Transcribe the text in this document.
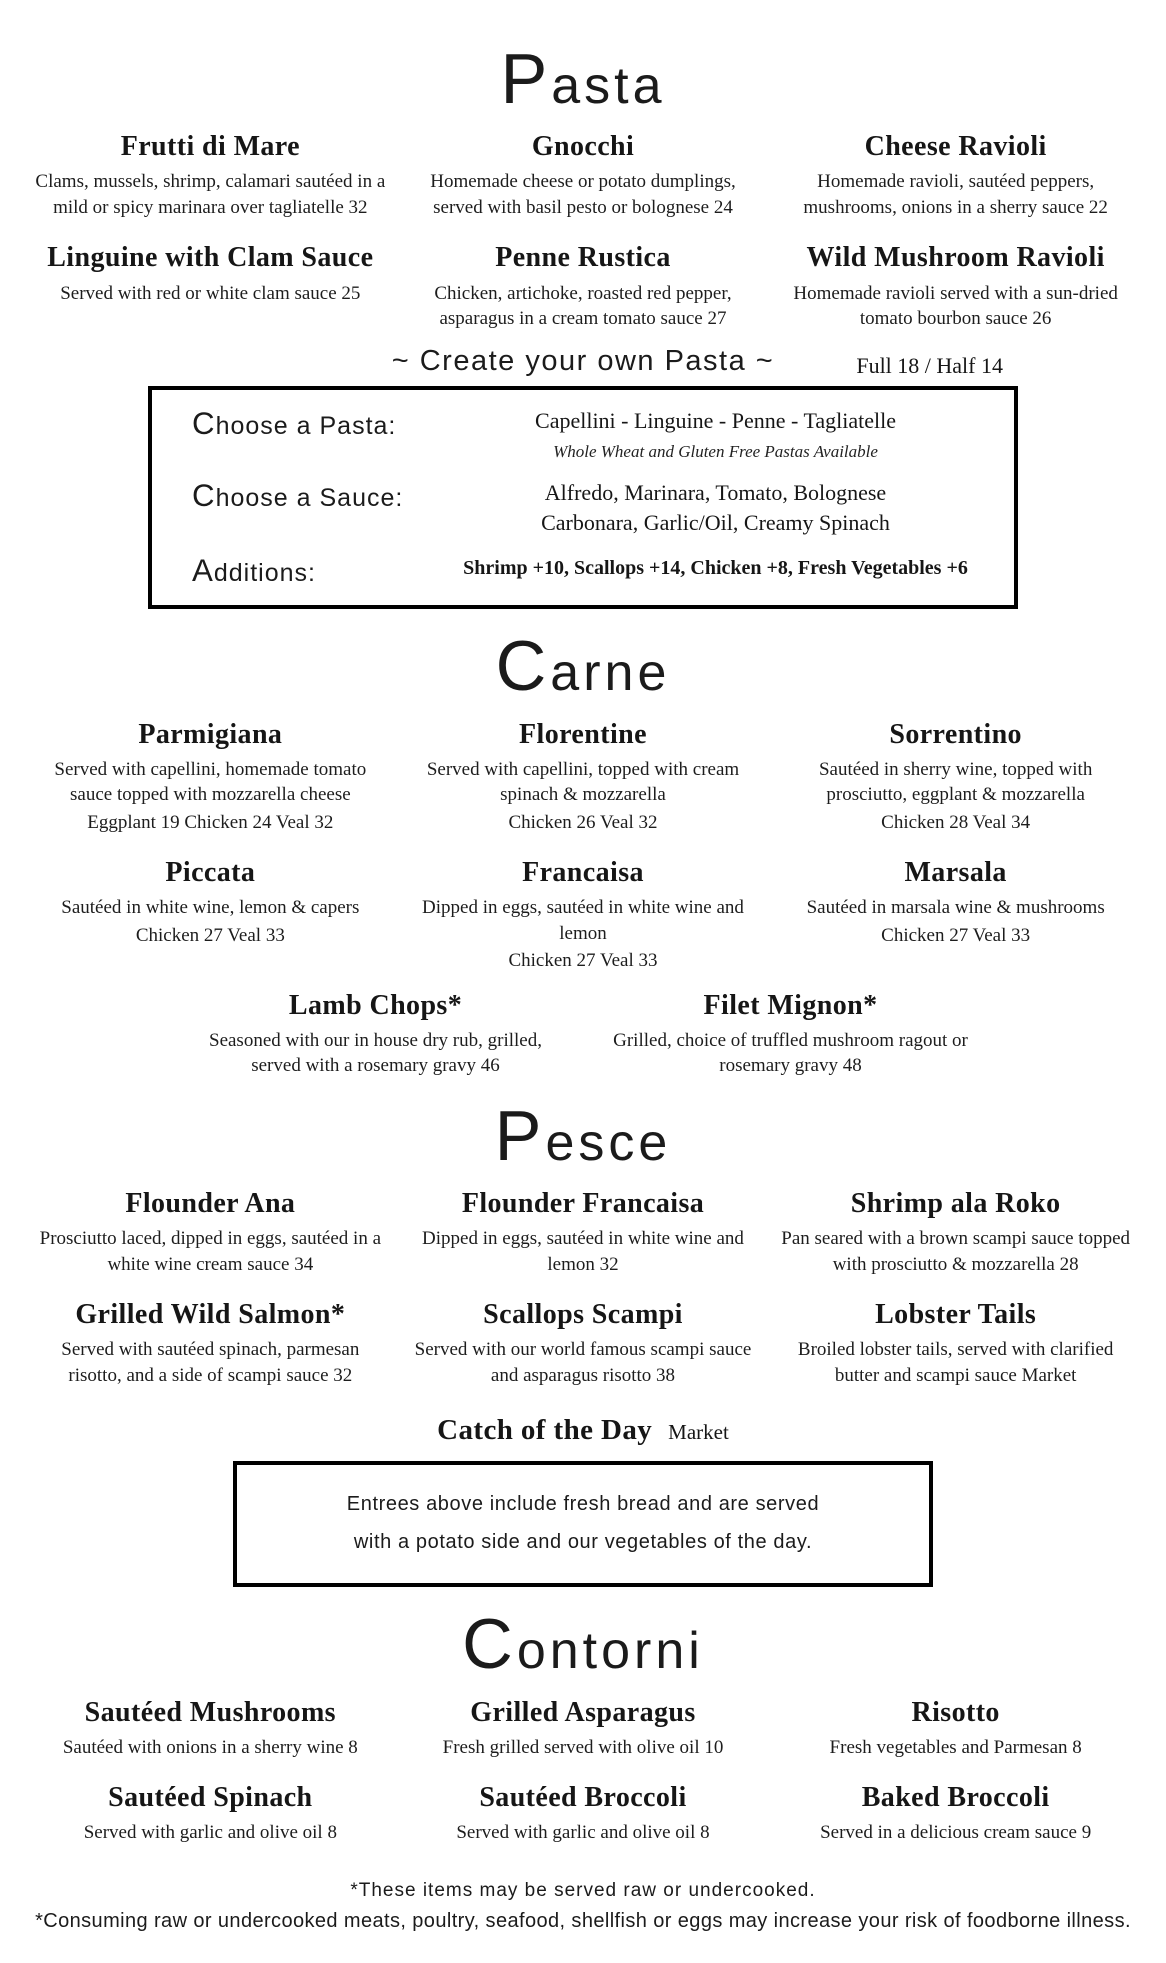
Pasta
Frutti di Mare

Clams, mussels, shrimp, calamari sautéed in a mild or spicy marinara over tagliatelle 32

Gnocchi

Homemade cheese or potato dumplings, served with basil pesto or bolognese 24

Cheese Ravioli

Homemade ravioli, sautéed peppers, mushrooms, onions in a sherry sauce 22

Linguine with Clam Sauce

Served with red or white clam sauce 25

Penne Rustica

Chicken, artichoke, roasted red pepper, asparagus in a cream tomato sauce 27

Wild Mushroom Ravioli

Homemade ravioli served with a sun-dried tomato bourbon sauce 26

~ Create your own Pasta ~	Full 18 / Half 14
Choose a Pasta:	Capellini - Linguine - Penne - Tagliatelle
Whole Wheat and Gluten Free Pastas Available
Choose a Sauce:	Alfredo, Marinara, Tomato, Bolognese
Carbonara, Garlic/Oil, Creamy Spinach
Additions:	Shrimp +10, Scallops +14, Chicken +8, Fresh Vegetables +6
Carne
Parmigiana

Served with capellini, homemade tomato sauce topped with mozzarella cheese

Eggplant 19 Chicken 24 Veal 32

Florentine

Served with capellini, topped with cream spinach & mozzarella

Chicken 26 Veal 32

Sorrentino

Sautéed in sherry wine, topped with prosciutto, eggplant & mozzarella

Chicken 28 Veal 34

Piccata

Sautéed in white wine, lemon & capers

Chicken 27 Veal 33

Francaisa

Dipped in eggs, sautéed in white wine and lemon

Chicken 27 Veal 33

Marsala

Sautéed in marsala wine & mushrooms

Chicken 27 Veal 33

Lamb Chops*

Seasoned with our in house dry rub, grilled, served with a rosemary gravy 46

Filet Mignon*

Grilled, choice of truffled mushroom ragout or rosemary gravy 48

Pesce
Flounder Ana

Prosciutto laced, dipped in eggs, sautéed in a white wine cream sauce 34

Flounder Francaisa

Dipped in eggs, sautéed in white wine and lemon 32

Shrimp ala Roko

Pan seared with a brown scampi sauce topped with prosciutto & mozzarella 28

Grilled Wild Salmon*

Served with sautéed spinach, parmesan risotto, and a side of scampi sauce 32

Scallops Scampi

Served with our world famous scampi sauce and asparagus risotto 38

Lobster Tails

Broiled lobster tails, served with clarified butter and scampi sauce Market

Catch of the Day Market

Entrees above include fresh bread and are served

with a potato side and our vegetables of the day.

Contorni
Sautéed Mushrooms

Sautéed with onions in a sherry wine 8

Grilled Asparagus

Fresh grilled served with olive oil 10

Risotto

Fresh vegetables and Parmesan 8

Sautéed Spinach

Served with garlic and olive oil 8

Sautéed Broccoli

Served with garlic and olive oil 8

Baked Broccoli

Served in a delicious cream sauce 9

*These items may be served raw or undercooked.

*Consuming raw or undercooked meats, poultry, seafood, shellfish or eggs may increase your risk of foodborne illness.
